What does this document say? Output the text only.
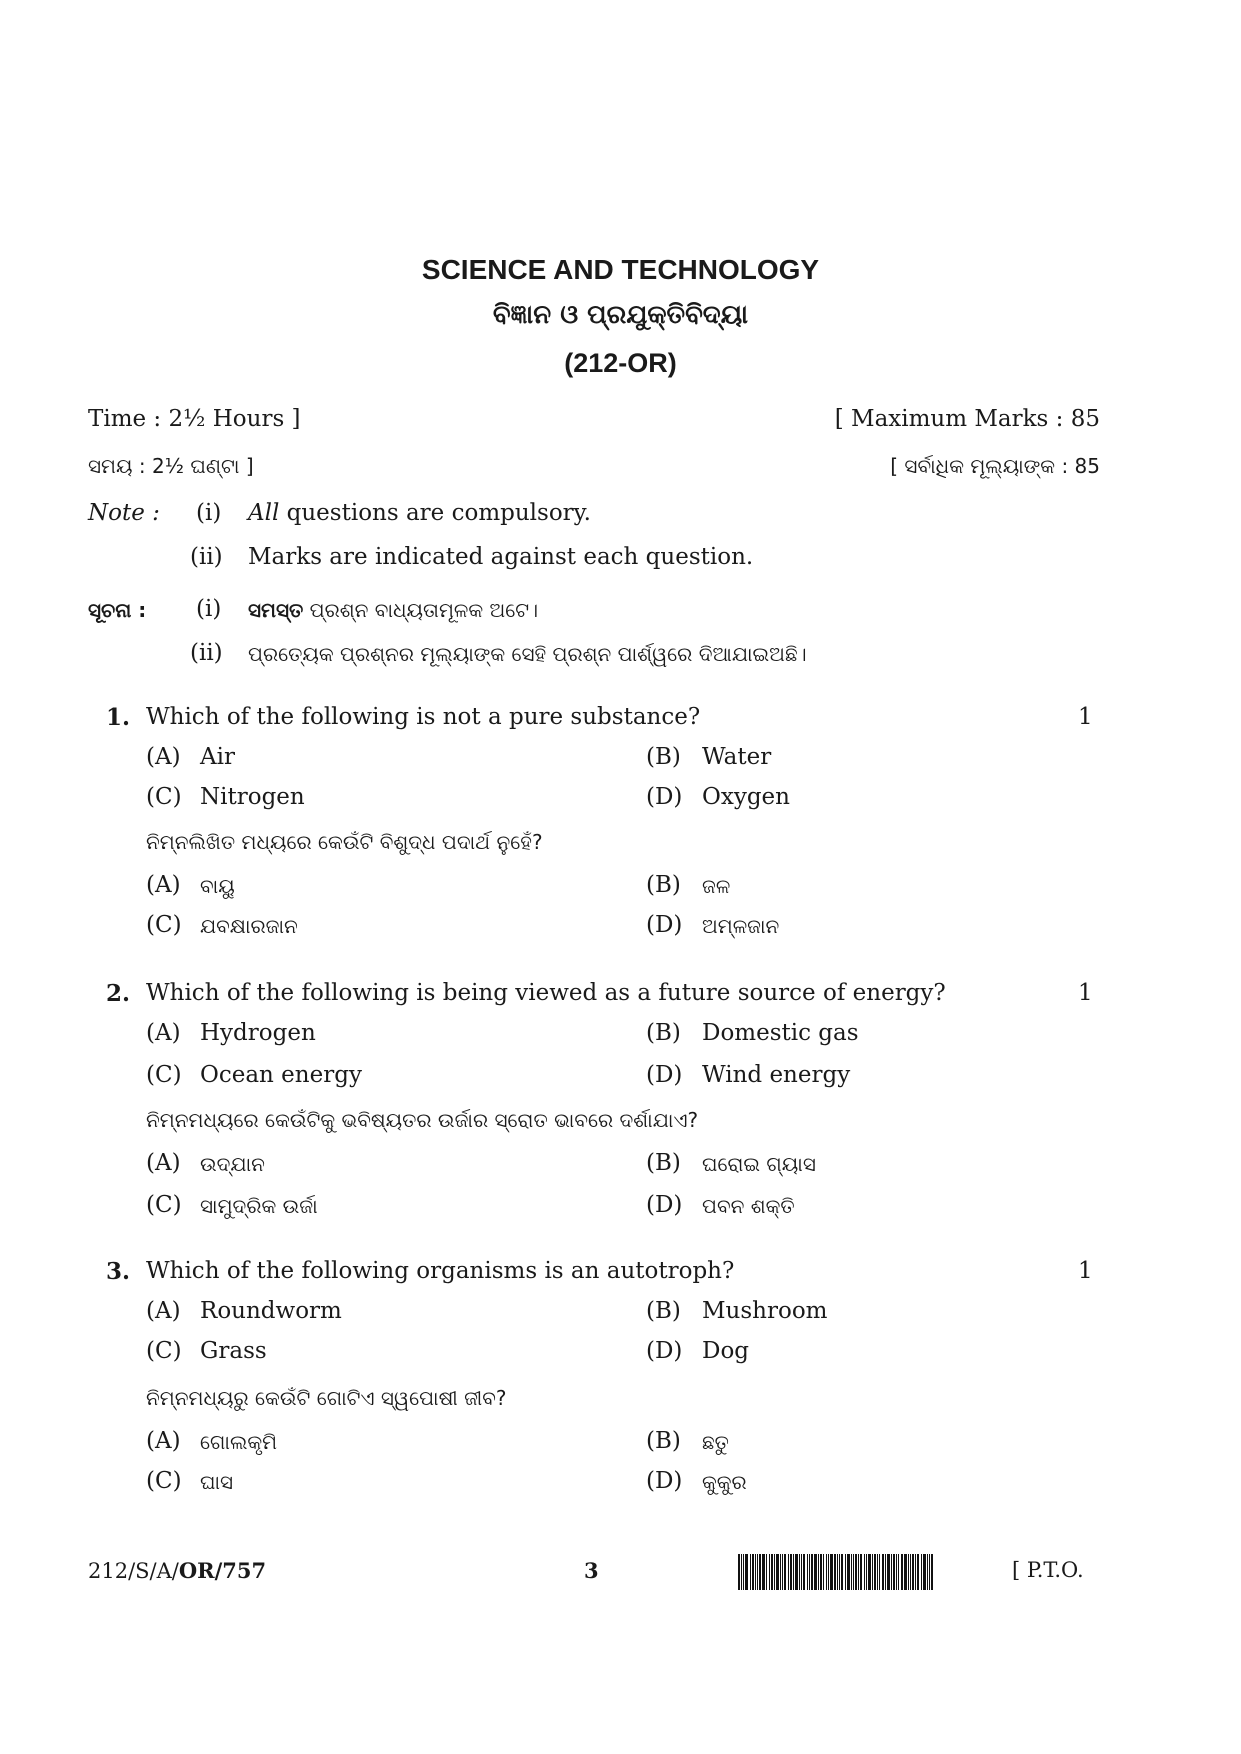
SCIENCE AND TECHNOLOGY
ବିଜ୍ଞାନ ଓ ପ୍ରଯୁକ୍ତିବିଦ୍ୟା
(212-OR)
Time : 2½ Hours ]	[ Maximum Marks : 85
ସମୟ : 2½ ଘଣ୍ଟା ]	[ ସର୍ବାଧିକ ମୂଲ୍ୟାଙ୍କ : 85
Note : (i) All questions are compulsory.
(ii) Marks are indicated against each question.
ସୂଚନା : (i) ସମସ୍ତ ପ୍ରଶ୍ନ ବାଧ୍ୟତାମୂଳକ ଅଟେ।
(ii) ପ୍ରତ୍ୟେକ ପ୍ରଶ୍ନର ମୂଲ୍ୟାଙ୍କ ସେହି ପ୍ରଶ୍ନ ପାର୍ଶ୍ୱରେ ଦିଆଯାଇଅଛି।
1. Which of the following is not a pure substance?	1
(A) Air	(B) Water
(C) Nitrogen	(D) Oxygen
ନିମ୍ନଲିଖିତ ମଧ୍ୟରେ କେଉଁଟି ବିଶୁଦ୍ଧ ପଦାର୍ଥ ନୁହେଁ?
(A) ବାୟୁ	(B) ଜଳ
(C) ଯବକ୍ଷାରଜାନ	(D) ଅମ୍ଳଜାନ
2. Which of the following is being viewed as a future source of energy?	1
(A) Hydrogen	(B) Domestic gas
(C) Ocean energy	(D) Wind energy
ନିମ୍ନମଧ୍ୟରେ କେଉଁଟିକୁ ଭବିଷ୍ୟତର ଉର୍ଜାର ସ୍ରୋତ ଭାବରେ ଦର୍ଶାଯାଏ?
(A) ଉଦ୍‌ଯାନ	(B) ଘରୋଇ ଗ୍ୟାସ
(C) ସାମୁଦ୍ରିକ ଉର୍ଜା	(D) ପବନ ଶକ୍ତି
3. Which of the following organisms is an autotroph?	1
(A) Roundworm	(B) Mushroom
(C) Grass	(D) Dog
ନିମ୍ନମଧ୍ୟରୁ କେଉଁଟି ଗୋଟିଏ ସ୍ୱପୋଷୀ ଜୀବ?
(A) ଗୋଲକୃମି	(B) ଛତୁ
(C) ଘାସ	(D) କୁକୁର
212/S/A/OR/757	3	[ P.T.O.
